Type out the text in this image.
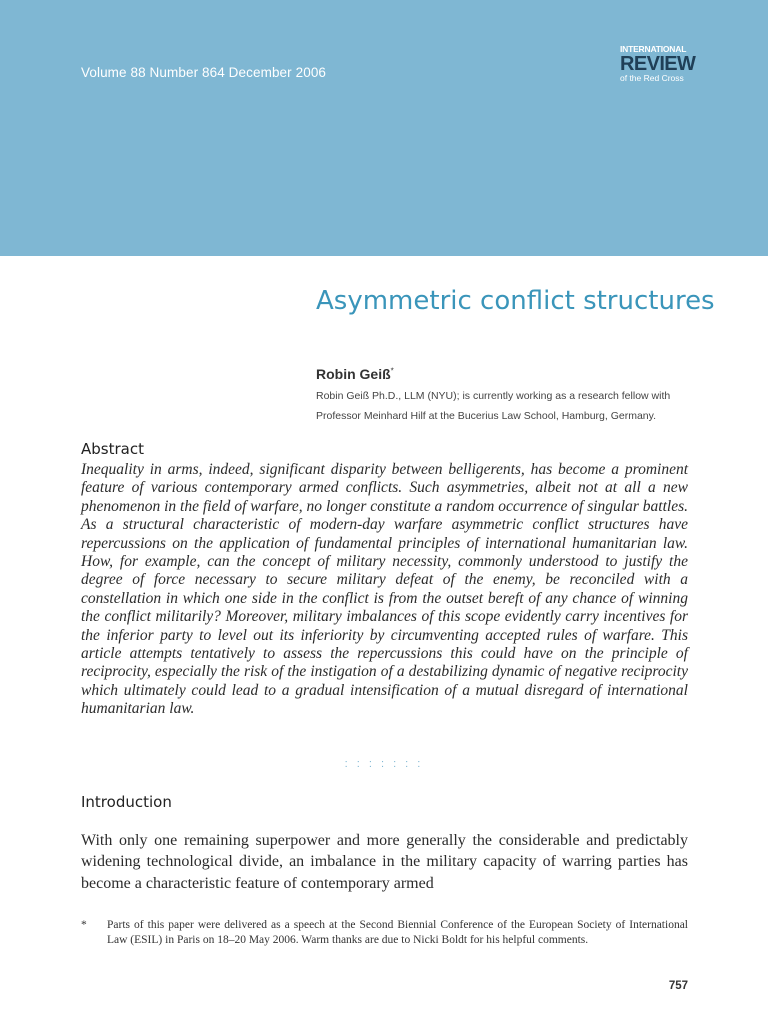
Volume 88 Number 864 December 2006
INTERNATIONAL
REVIEW
of the Red Cross
Asymmetric conflict structures
Robin Geiß*
Robin Geiß Ph.D., LLM (NYU); is currently working as a research fellow with Professor Meinhard Hilf at the Bucerius Law School, Hamburg, Germany.
Abstract

Inequality in arms, indeed, significant disparity between belligerents, has become a prominent feature of various contemporary armed conflicts. Such asymmetries, albeit not at all a new phenomenon in the field of warfare, no longer constitute a random occurrence of singular battles. As a structural characteristic of modern-day warfare asymmetric conflict structures have repercussions on the application of fundamental principles of international humanitarian law. How, for example, can the concept of military necessity, commonly understood to justify the degree of force necessary to secure military defeat of the enemy, be reconciled with a constellation in which one side in the conflict is from the outset bereft of any chance of winning the conflict militarily? Moreover, military imbalances of this scope evidently carry incentives for the inferior party to level out its inferiority by circumventing accepted rules of warfare. This article attempts tentatively to assess the repercussions this could have on the principle of reciprocity, especially the risk of the instigation of a destabilizing dynamic of negative reciprocity which ultimately could lead to a gradual intensification of a mutual disregard of international humanitarian law.

: : : : : : :
Introduction

With only one remaining superpower and more generally the considerable and predictably widening technological divide, an imbalance in the military capacity of warring parties has become a characteristic feature of contemporary armed

* Parts of this paper were delivered as a speech at the Second Biennial Conference of the European Society of International Law (ESIL) in Paris on 18–20 May 2006. Warm thanks are due to Nicki Boldt for his helpful comments.
757
